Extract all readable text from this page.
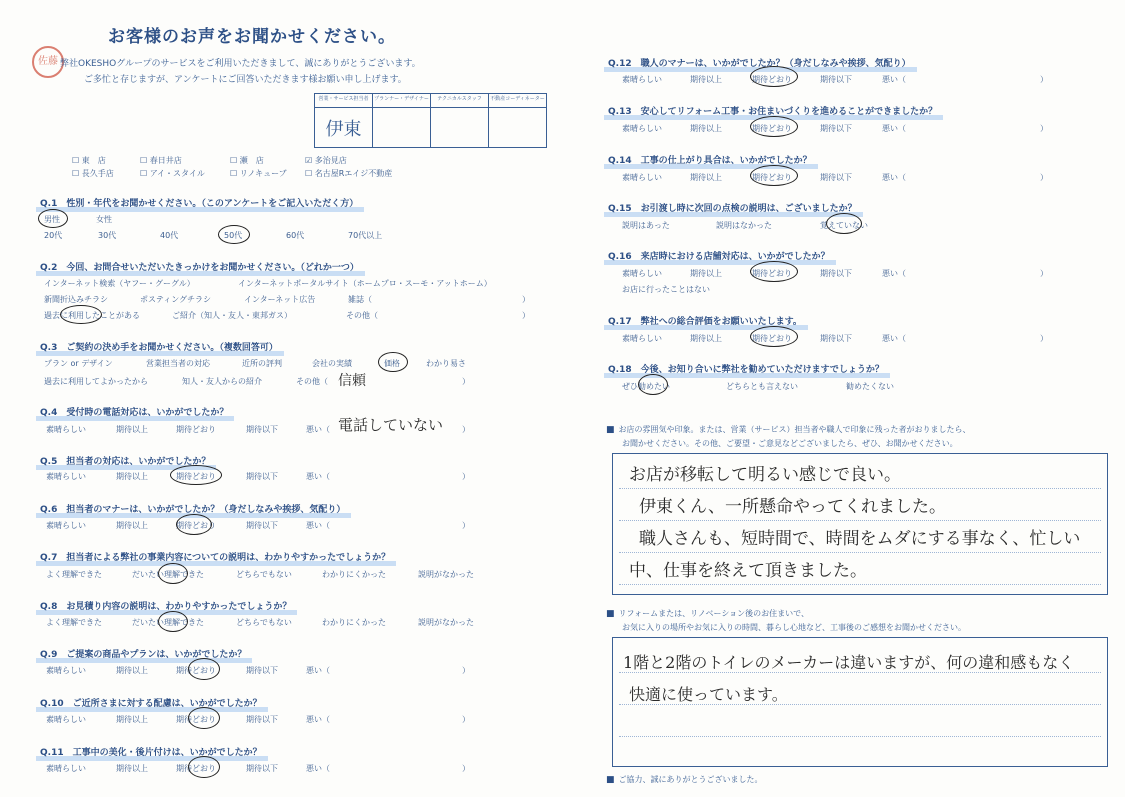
お客様のお声をお聞かせください。
佐藤 弊社OKESHOグループのサービスをご利用いただきまして、誠にありがとうございます。
ご多忙と存じますが、アンケートにご回答いただきます様お願い申し上げます。
営業・サービス担当者	プランナー・デザイナー	テクニカルスタッフ	不動産コーディネーター
伊東			
☐ 東　店	☐ 春日井店	☐ 瀬　店	☑ 多治見店
☐ 長久手店	☐ アイ・スタイル	☐ リノキューブ ☐ 名古屋Rエイジ不動産
Q.1　性別・年代をお聞かせください。（このアンケートをご記入いただく方）
男性	女性
20代	30代	40代	50代	60代	70代以上
Q.2　今回、お問合せいただいたきっかけをお聞かせください。（どれか一つ）
インターネット検索（ヤフー・グーグル）	インターネットポータルサイト（ホームプロ・スーモ・アットホーム）
新聞折込みチラシ	ポスティングチラシ	インターネット広告	雑誌（	）
過去に利用したことがある	ご紹介（知人・友人・東邦ガス）	その他（	）
Q.3　ご契約の決め手をお聞かせください。（複数回答可）
プラン or デザイン	営業担当者の対応	近所の評判	会社の実績	価格	わかり易さ
過去に利用してよかったから	知人・友人からの紹介	その他（	）
信頼
Q.4　受付時の電話対応は、いかがでしたか？
素晴らしい	期待以上	期待どおり	期待以下	悪い（	）
電話していない
Q.5　担当者の対応は、いかがでしたか？
素晴らしい	期待以上	期待どおり	期待以下	悪い（	）
Q.6　担当者のマナーは、いかがでしたか？（身だしなみや挨拶、気配り）
素晴らしい	期待以上	期待どおり	期待以下	悪い（	）
Q.7　担当者による弊社の事業内容についての説明は、わかりやすかったでしょうか？
よく理解できた	だいたい理解できた	どちらでもない	わかりにくかった	説明がなかった
Q.8　お見積り内容の説明は、わかりやすかったでしょうか？
よく理解できた	だいたい理解できた	どちらでもない	わかりにくかった	説明がなかった
Q.9　ご提案の商品やプランは、いかがでしたか？
素晴らしい	期待以上	期待どおり	期待以下	悪い（	）
Q.10　ご近所さまに対する配慮は、いかがでしたか？
素晴らしい	期待以上	期待どおり	期待以下	悪い（	）
Q.11　工事中の美化・後片付けは、いかがでしたか？
素晴らしい	期待以上	期待どおり	期待以下	悪い（	）
Q.12　職人のマナーは、いかがでしたか？（身だしなみや挨拶、気配り）
素晴らしい	期待以上	期待どおり	期待以下	悪い（	）
Q.13　安心してリフォーム工事・お住まいづくりを進めることができましたか？
素晴らしい	期待以上	期待どおり	期待以下	悪い（	）
Q.14　工事の仕上がり具合は、いかがでしたか？
素晴らしい	期待以上	期待どおり	期待以下	悪い（	）
Q.15　お引渡し時に次回の点検の説明は、ございましたか？
説明はあった	説明はなかった	覚えていない
Q.16　来店時における店舗対応は、いかがでしたか？
素晴らしい	期待以上	期待どおり	期待以下	悪い（	）
お店に行ったことはない
Q.17　弊社への総合評価をお願いいたします。
素晴らしい	期待以上	期待どおり	期待以下	悪い（	）
Q.18　今後、お知り合いに弊社を勧めていただけますでしょうか？
ぜひ勧めたい	どちらとも言えない	勧めたくない
■ お店の雰囲気や印象。または、営業（サービス）担当者や職人で印象に残った者がおりましたら、
お聞かせください。その他、ご要望・ご意見などございましたら、ぜひ、お聞かせください。
お店が移転して明るい感じで良い。
伊東くん、一所懸命やってくれました。
職人さんも、短時間で、時間をムダにする事なく、忙しい
中、仕事を終えて頂きました。
■ リフォームまたは、リノベーション後のお住まいで、
お気に入りの場所やお気に入りの時間、暮らし心地など、工事後のご感想をお聞かせください。
1階と2階のトイレのメーカーは違いますが、何の違和感もなく
快適に使っています。
■ ご協力、誠にありがとうございました。
